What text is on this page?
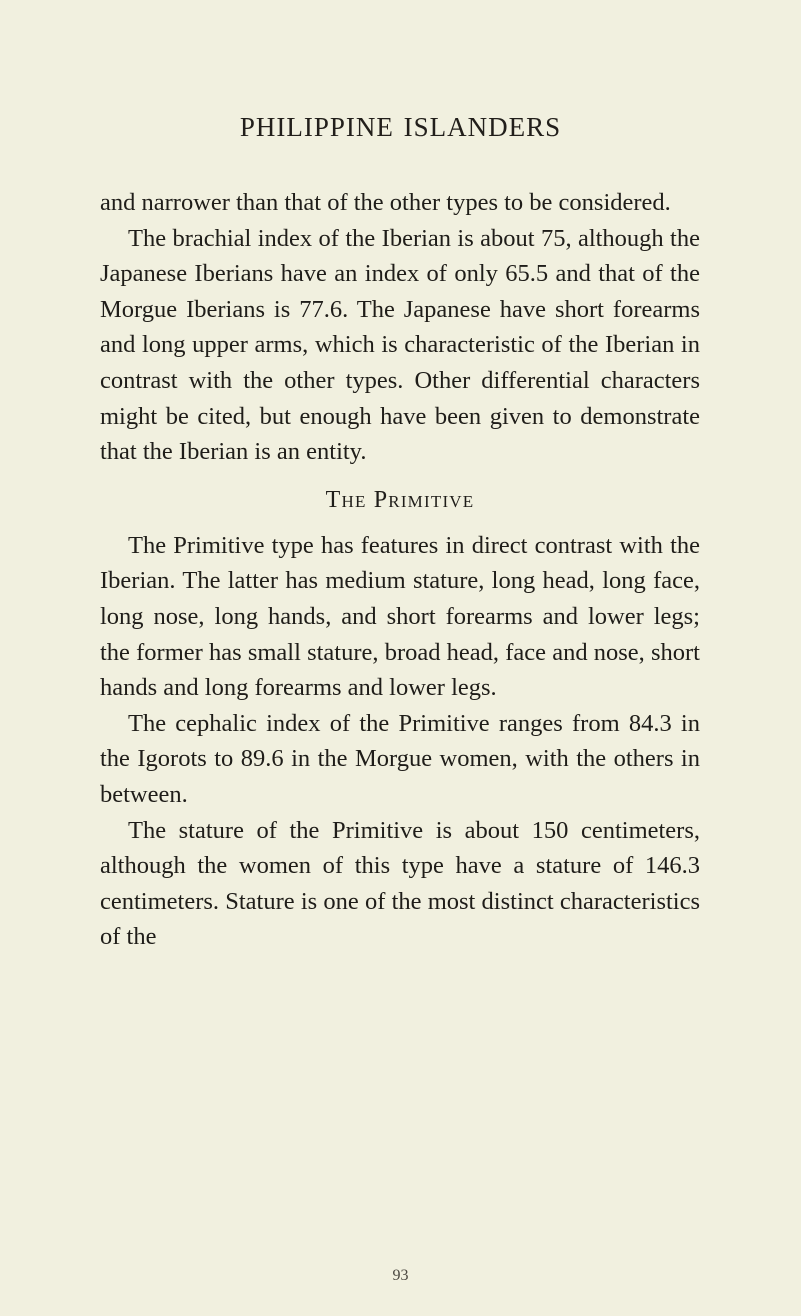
PHILIPPINE ISLANDERS

and narrower than that of the other types to be considered.

The brachial index of the Iberian is about 75, although the Japanese Iberians have an index of only 65.5 and that of the Morgue Iberians is 77.6. The Japanese have short forearms and long upper arms, which is characteristic of the Iberian in contrast with the other types. Other differential characters might be cited, but enough have been given to demonstrate that the Iberian is an entity.

The Primitive

The Primitive type has features in direct contrast with the Iberian. The latter has medium stature, long head, long face, long nose, long hands, and short forearms and lower legs; the former has small stature, broad head, face and nose, short hands and long forearms and lower legs.

The cephalic index of the Primitive ranges from 84.3 in the Igorots to 89.6 in the Morgue women, with the others in between.

The stature of the Primitive is about 150 centimeters, although the women of this type have a stature of 146.3 centimeters. Stature is one of the most distinct characteristics of the

93
